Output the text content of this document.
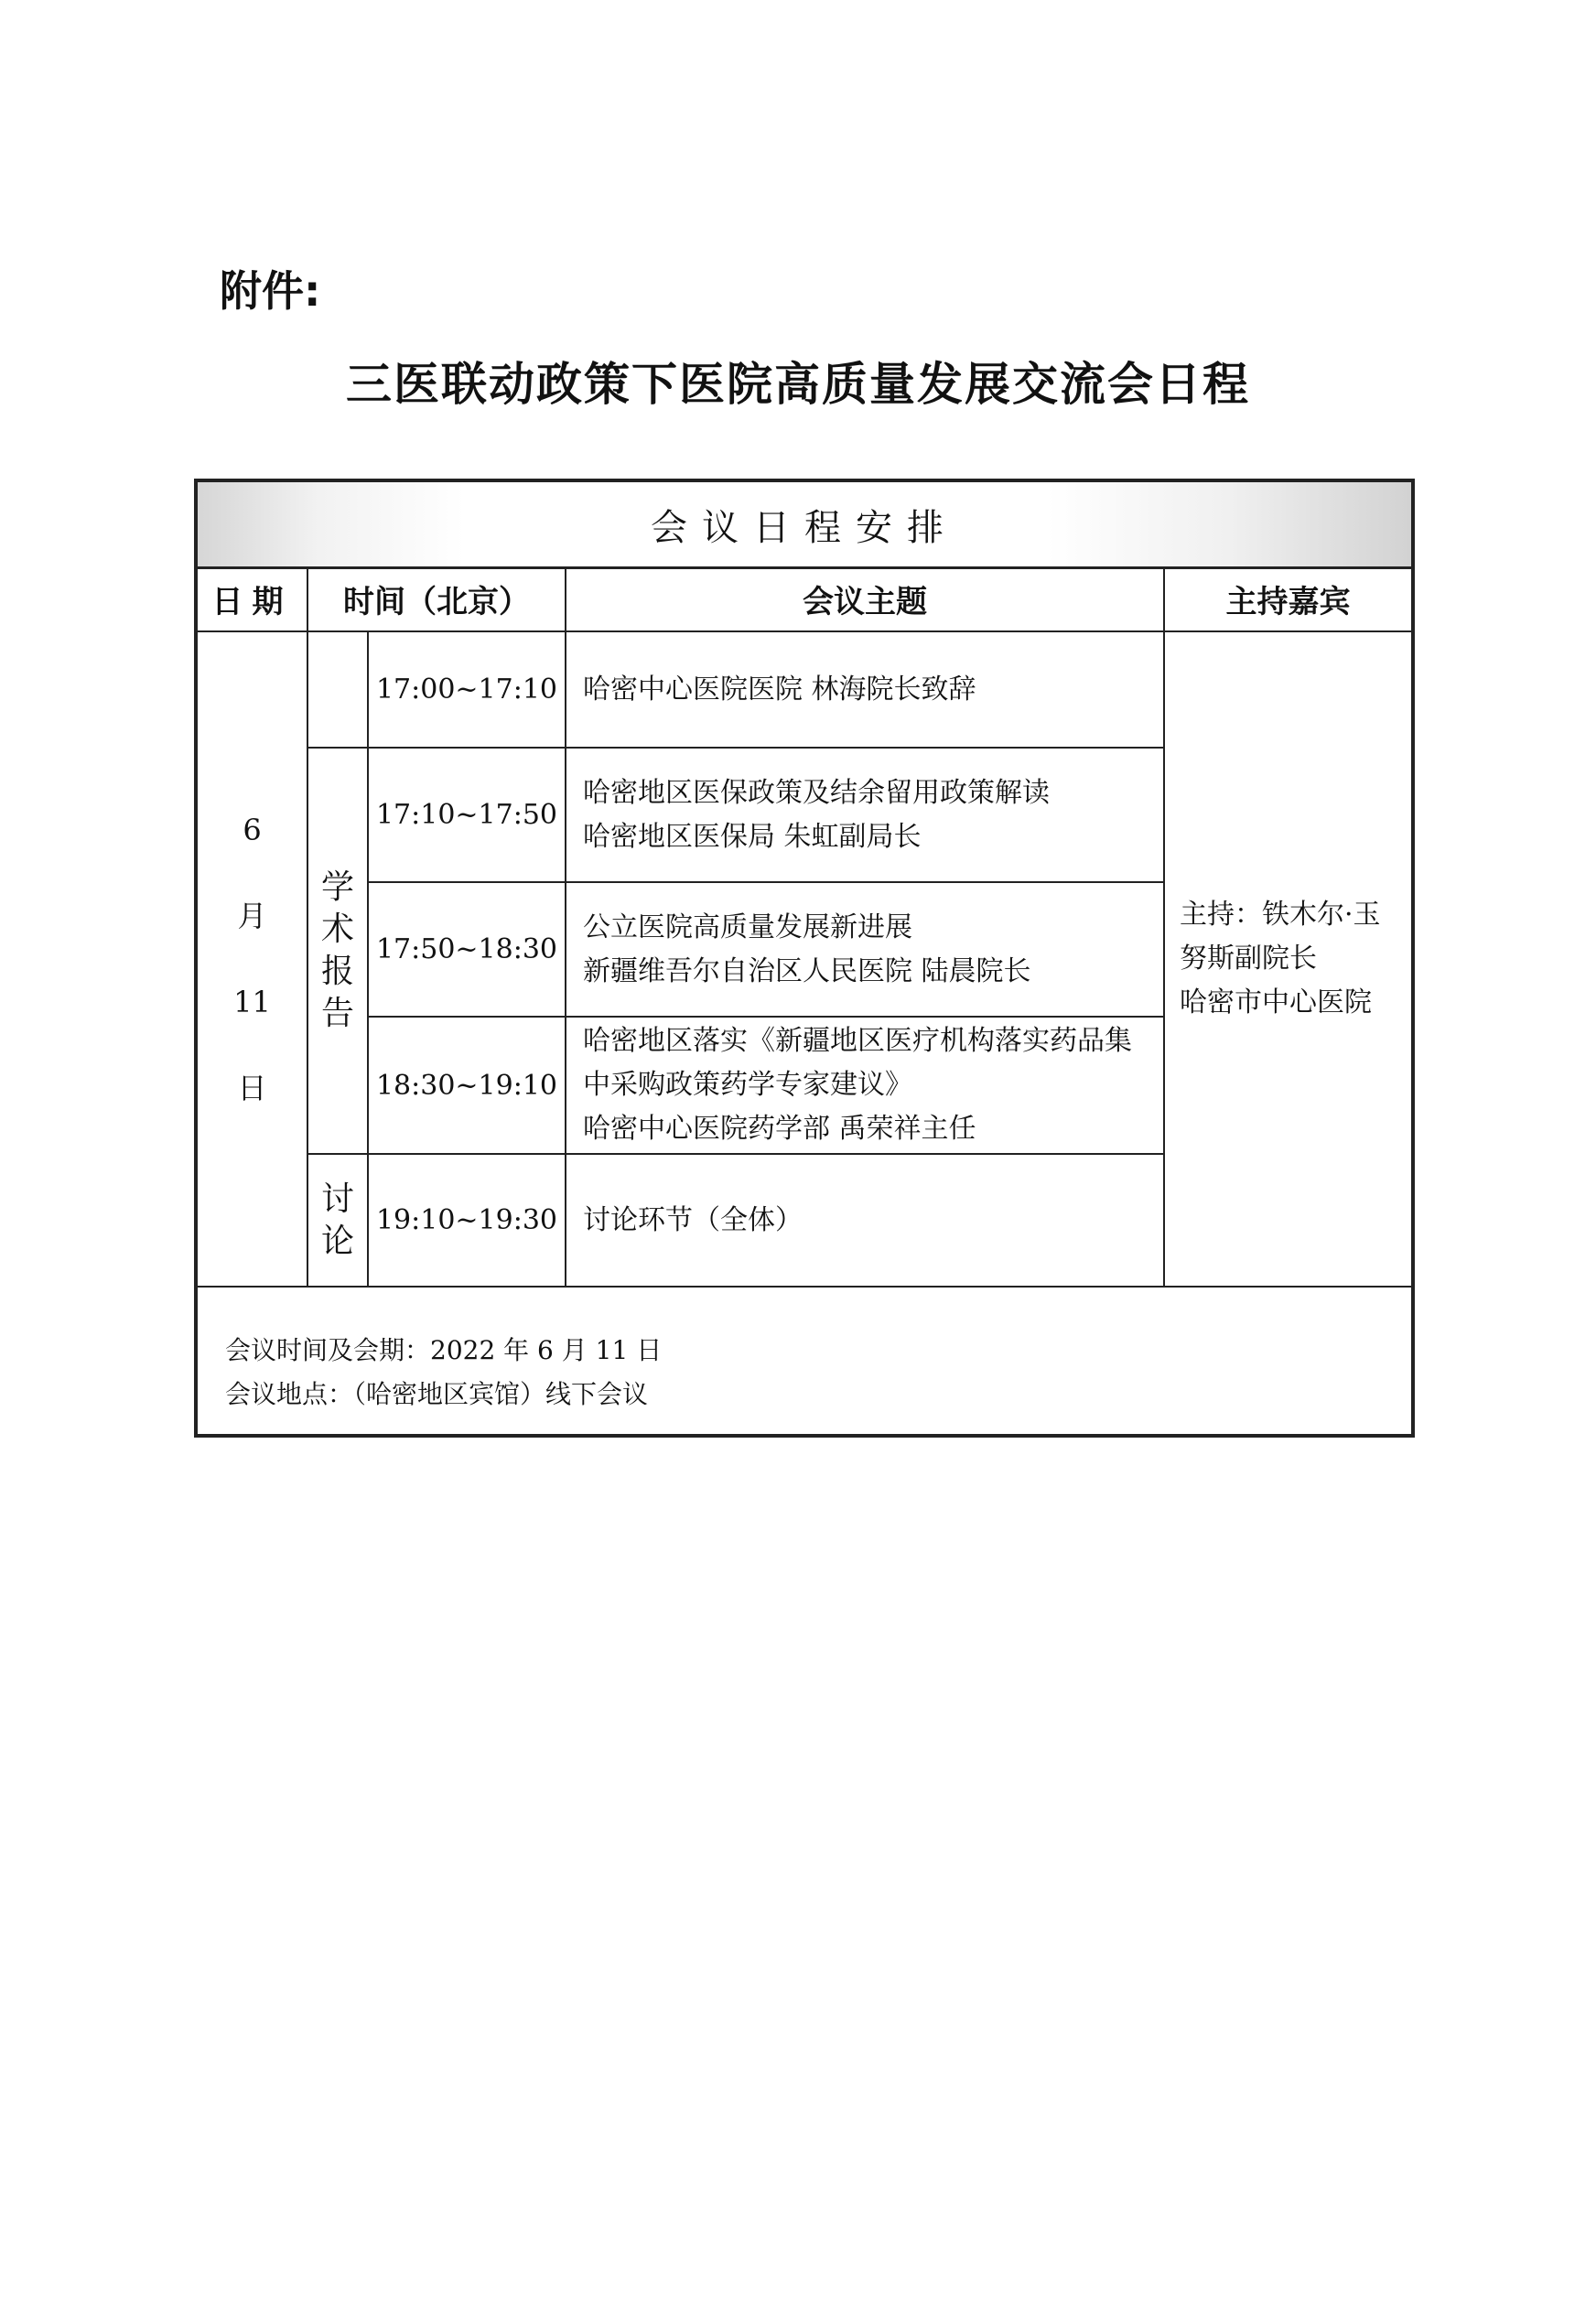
附件:
三医联动政策下医院高质量发展交流会日程
会议日程安排
日期	时间（北京）		会议主题	主持嘉宾

6
月
11
日		17:00~17:10	哈密中心医院医院 林海院长致辞	主持：铁木尔·玉
努斯副院长
哈密市中心医院

	学
术
报
告	17:10~17:50	哈密地区医保政策及结余留用政策解读
哈密地区医保局 朱虹副局长	

		17:50~18:30	公立医院高质量发展新进展
新疆维吾尔自治区人民医院 陆晨院长	

		18:30~19:10	哈密地区落实《新疆地区医疗机构落实药品集
中采购政策药学专家建议》
哈密中心医院药学部 禹荣祥主任	

	讨
论	19:10~19:30	讨论环节（全体）	
会议时间及会期：2022 年 6 月 11 日
会议地点：（哈密地区宾馆）线下会议
